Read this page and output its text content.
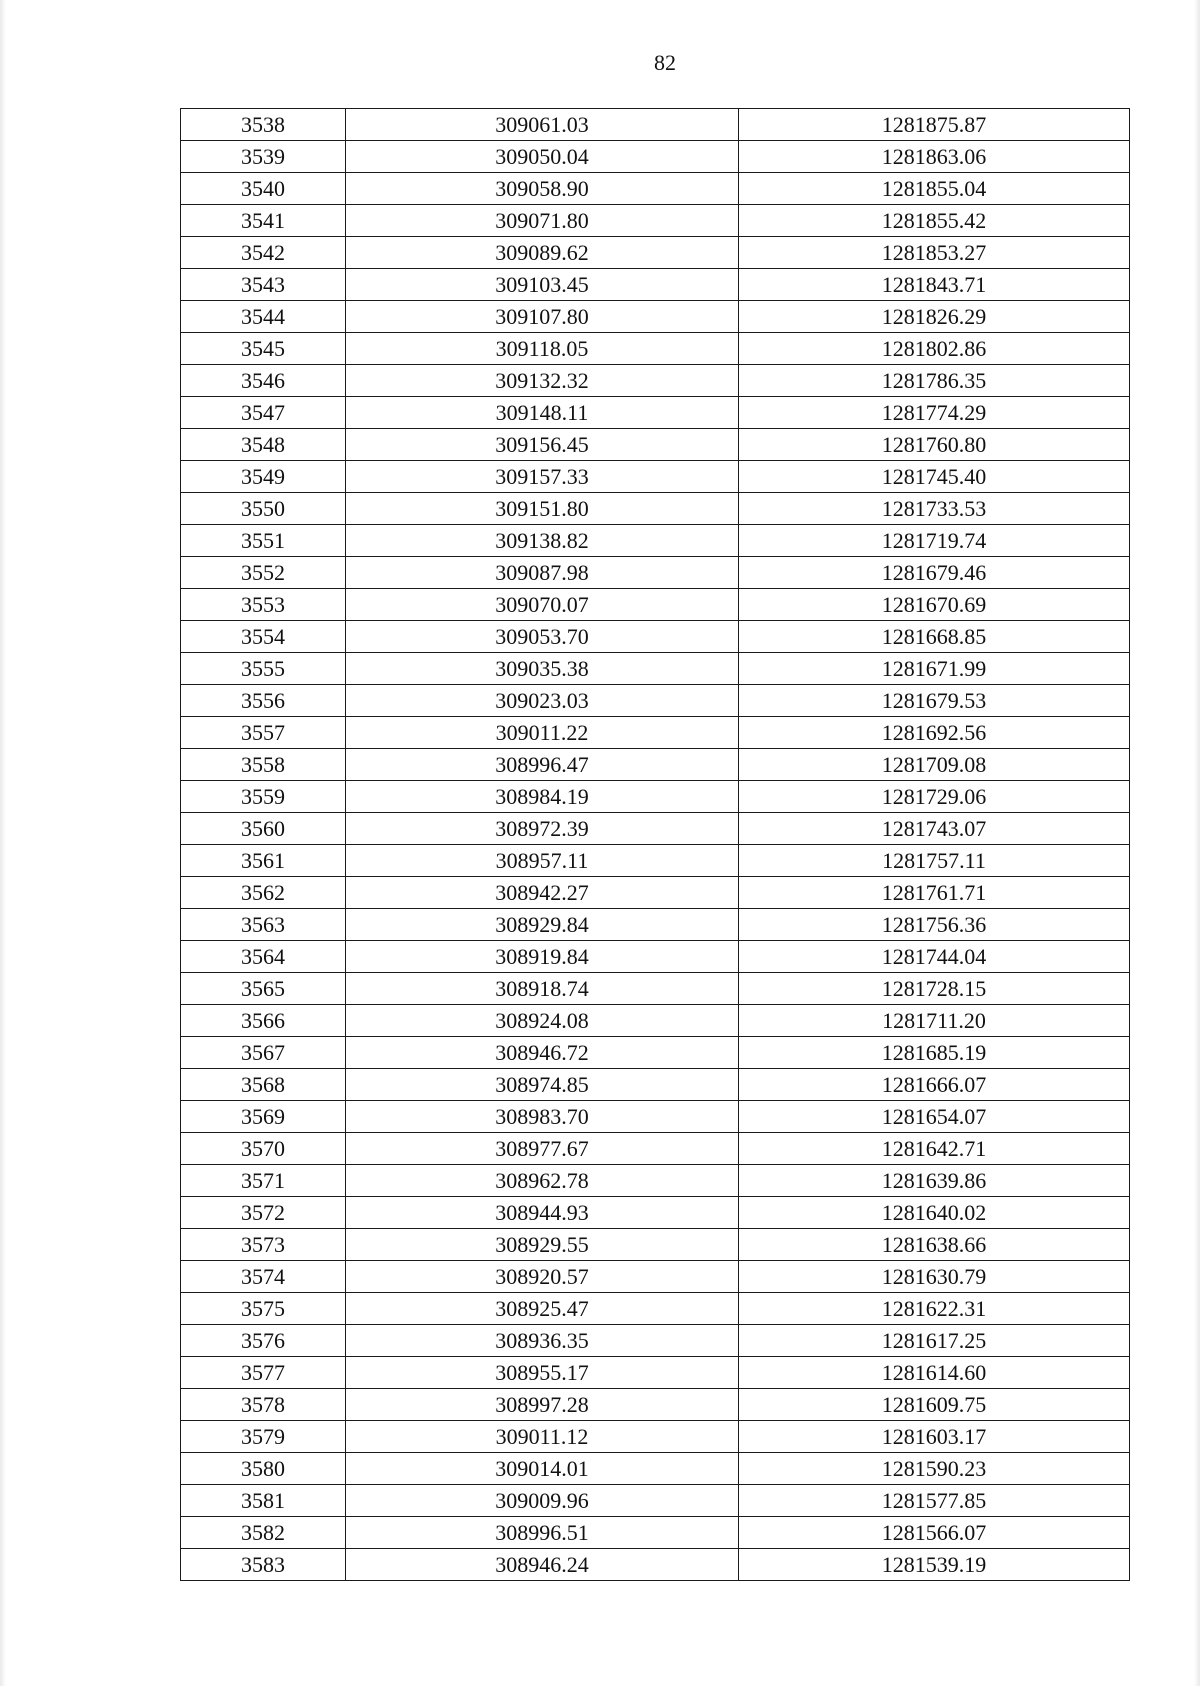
82
3538	309061.03	1281875.87
3539	309050.04	1281863.06
3540	309058.90	1281855.04
3541	309071.80	1281855.42
3542	309089.62	1281853.27
3543	309103.45	1281843.71
3544	309107.80	1281826.29
3545	309118.05	1281802.86
3546	309132.32	1281786.35
3547	309148.11	1281774.29
3548	309156.45	1281760.80
3549	309157.33	1281745.40
3550	309151.80	1281733.53
3551	309138.82	1281719.74
3552	309087.98	1281679.46
3553	309070.07	1281670.69
3554	309053.70	1281668.85
3555	309035.38	1281671.99
3556	309023.03	1281679.53
3557	309011.22	1281692.56
3558	308996.47	1281709.08
3559	308984.19	1281729.06
3560	308972.39	1281743.07
3561	308957.11	1281757.11
3562	308942.27	1281761.71
3563	308929.84	1281756.36
3564	308919.84	1281744.04
3565	308918.74	1281728.15
3566	308924.08	1281711.20
3567	308946.72	1281685.19
3568	308974.85	1281666.07
3569	308983.70	1281654.07
3570	308977.67	1281642.71
3571	308962.78	1281639.86
3572	308944.93	1281640.02
3573	308929.55	1281638.66
3574	308920.57	1281630.79
3575	308925.47	1281622.31
3576	308936.35	1281617.25
3577	308955.17	1281614.60
3578	308997.28	1281609.75
3579	309011.12	1281603.17
3580	309014.01	1281590.23
3581	309009.96	1281577.85
3582	308996.51	1281566.07
3583	308946.24	1281539.19
